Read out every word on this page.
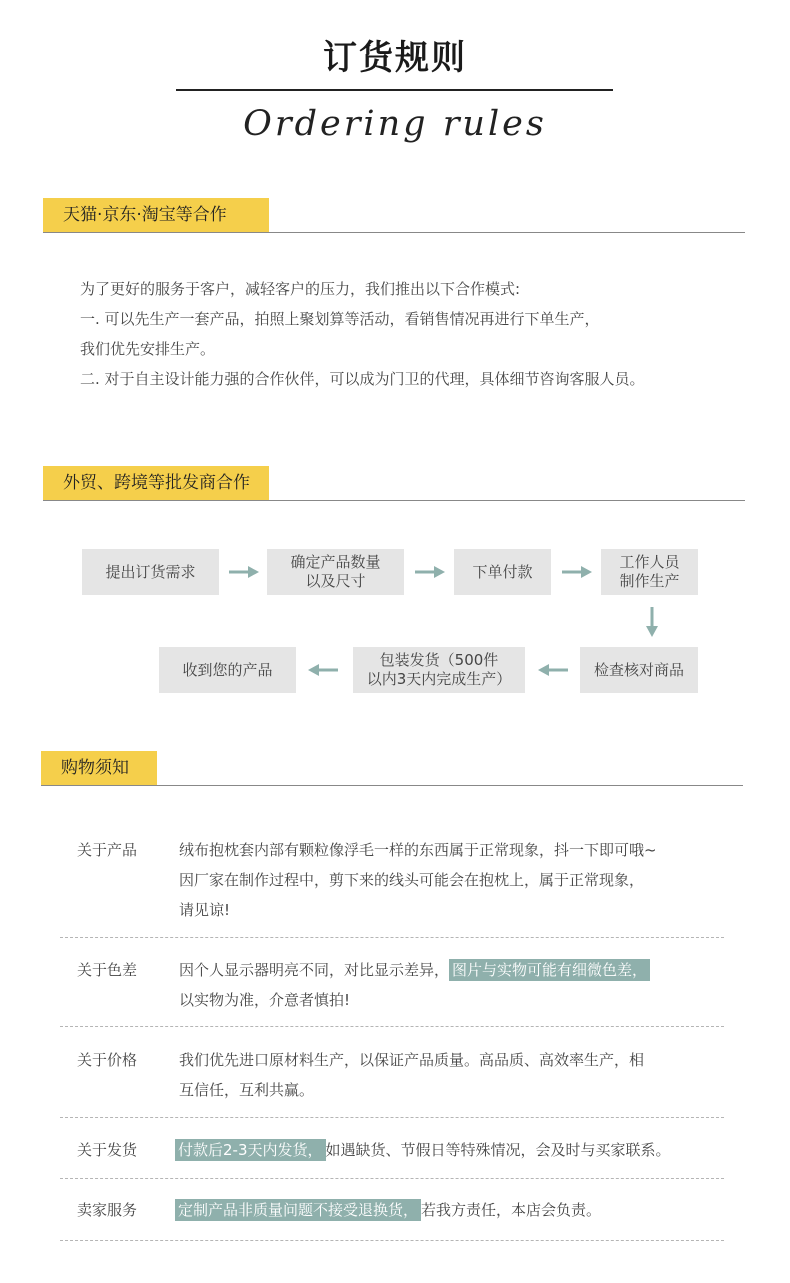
订货规则
Ordering rules
天猫·京东·淘宝等合作
为了更好的服务于客户，减轻客户的压力，我们推出以下合作模式:
一. 可以先生产一套产品，拍照上聚划算等活动，看销售情况再进行下单生产，
我们优先安排生产。
二. 对于自主设计能力强的合作伙伴，可以成为门卫的代理，具体细节咨询客服人员。
外贸、跨境等批发商合作
提出订货需求
确定产品数量
以及尺寸
下单付款
工作人员
制作生产
检查核对商品
包装发货（500件
以内3天内完成生产）
收到您的产品
购物须知
关于产品	绒布抱枕套内部有颗粒像浮毛一样的东西属于正常现象，抖一下即可哦~
因厂家在制作过程中，剪下来的线头可能会在抱枕上，属于正常现象，
请见谅!
关于色差	因个人显示器明亮不同，对比显示差异， 图片与实物可能有细微色差，
以实物为准，介意者慎拍!
关于价格	我们优先进口原材料生产，以保证产品质量。高品质、高效率生产，相
互信任，互利共赢。
关于发货	付款后2-3天内发货， 如遇缺货、节假日等特殊情况，会及时与买家联系。
卖家服务	定制产品非质量问题不接受退换货， 若我方责任，本店会负责。
